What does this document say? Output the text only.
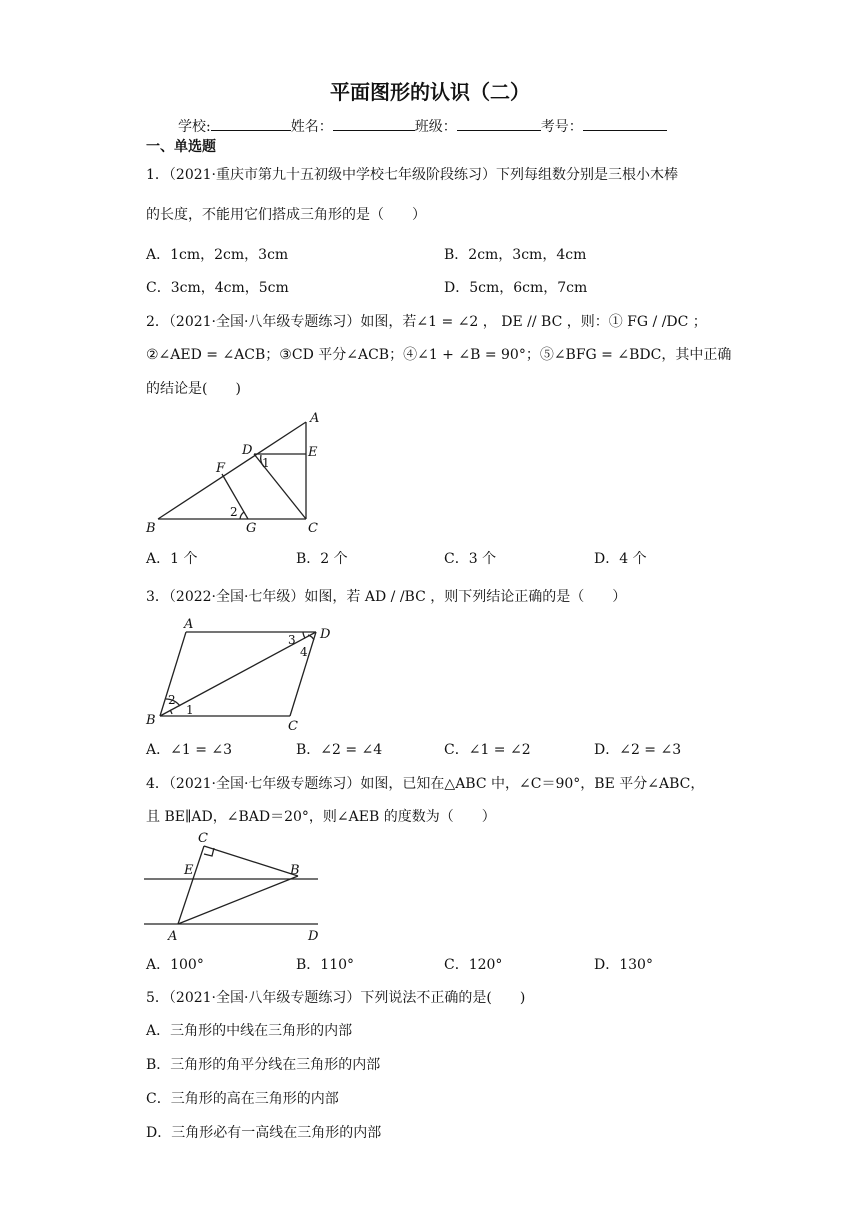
平面图形的认识（二）
学校:	姓名：	班级：	考号：
一、单选题
1．（2021·重庆市第九十五初级中学校七年级阶段练习）下列每组数分别是三根小木棒
的长度，不能用它们搭成三角形的是（　　）
A．1cm，2cm，3cm	B．2cm，3cm，4cm
C．3cm，4cm，5cm	D．5cm，6cm，7cm
2．（2021·全国·八年级专题练习）如图，若∠1 = ∠2 ， DE // BC ，则：① FG / /DC ；
②∠AED = ∠ACB；③CD 平分∠ACB；④∠1 + ∠B = 90°；⑤∠BFG = ∠BDC，其中正确
的结论是(　　)
A
B	C
D	E
F
G
1
2
A．1 个	B．2 个	C．3 个	D．4 个
3．（2022·全国·七年级）如图，若 AD / /BC ，则下列结论正确的是（　　）
A
D
B	C
1
2
3
4
A．∠1 = ∠3	B．∠2 = ∠4	C．∠1 = ∠2	D．∠2 = ∠3
4．（2021·全国·七年级专题练习）如图，已知在△ABC 中，∠C＝90°，BE 平分∠ABC，
且 BE∥AD，∠BAD＝20°，则∠AEB 的度数为（　　）
C
E	B
A	D
A．100°	B．110°	C．120°	D．130°
5．（2021·全国·八年级专题练习）下列说法不正确的是(　　)
A．三角形的中线在三角形的内部
B．三角形的角平分线在三角形的内部
C．三角形的高在三角形的内部
D．三角形必有一高线在三角形的内部
